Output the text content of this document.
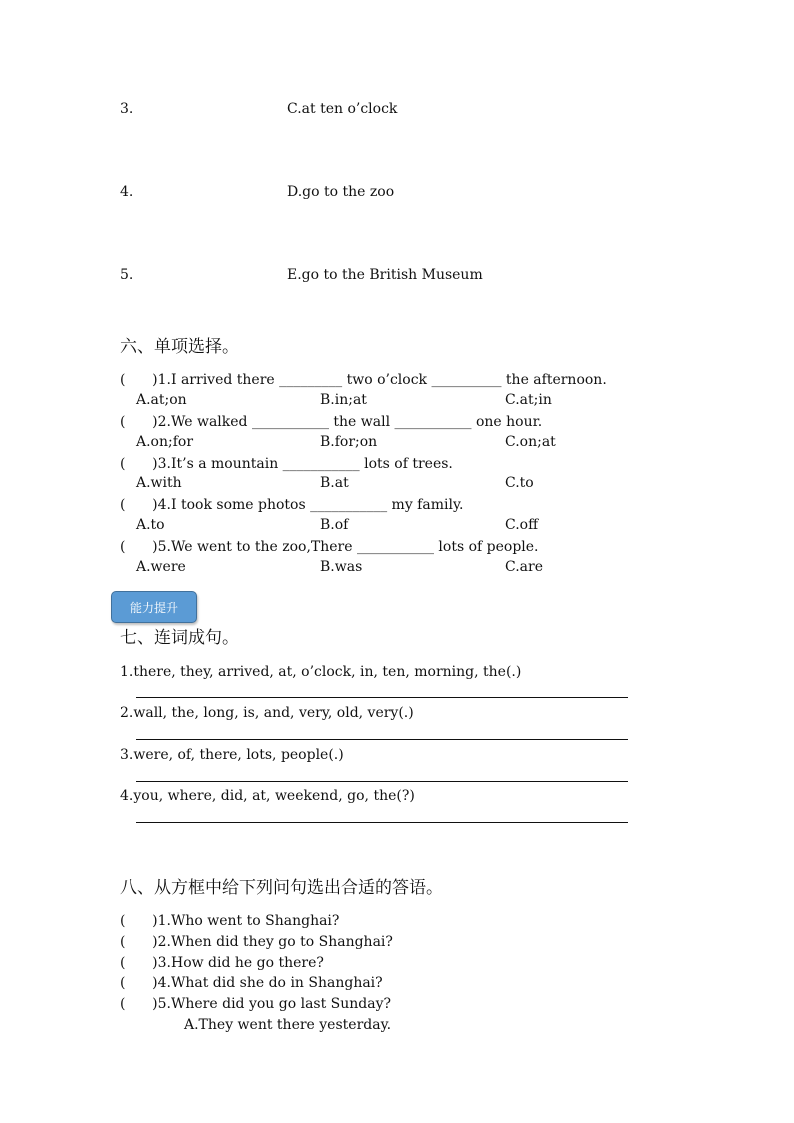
3.	C.at ten o’clock
4.	D.go to the zoo
5.	E.go to the British Museum
六、单项选择。
(      )1.I arrived there _________ two o’clock __________ the afternoon.
A.at;on	B.in;at	C.at;in
(      )2.We walked ___________ the wall ___________ one hour.
A.on;for	B.for;on	C.on;at
(      )3.It’s a mountain ___________ lots of trees.
A.with	B.at	C.to
(      )4.I took some photos ___________ my family.
A.to	B.of	C.off
(      )5.We went to the zoo,There ___________ lots of people.
A.were	B.was	C.are
能力提升
七、连词成句。
1.there, they, arrived, at, o’clock, in, ten, morning, the(.)
2.wall, the, long, is, and, very, old, very(.)
3.were, of, there, lots, people(.)
4.you, where, did, at, weekend, go, the(?)
八、从方框中给下列问句选出合适的答语。
(      )1.Who went to Shanghai?
(      )2.When did they go to Shanghai?
(      )3.How did he go there?
(      )4.What did she do in Shanghai?
(      )5.Where did you go last Sunday?
A.They went there yesterday.
